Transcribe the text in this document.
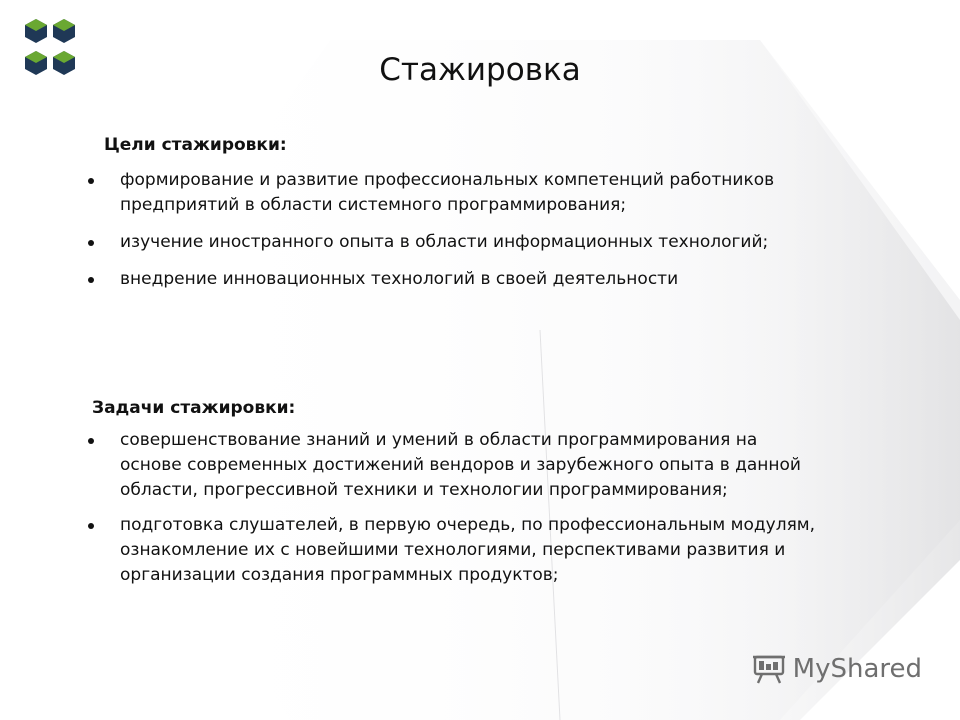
Стажировка
Цели стажировки:
формирование и развитие профессиональных компетенций работников предприятий в области системного программирования;
изучение иностранного опыта в области информационных технологий;
внедрение инновационных технологий в своей деятельности
Задачи стажировки:
совершенствование знаний и умений в области программирования на основе современных достижений вендоров и зарубежного опыта в данной области, прогрессивной техники и технологии программирования;
подготовка слушателей, в первую очередь, по профессиональным модулям, ознакомление их с новейшими технологиями, перспективами развития и организации создания программных продуктов;
MyShared
